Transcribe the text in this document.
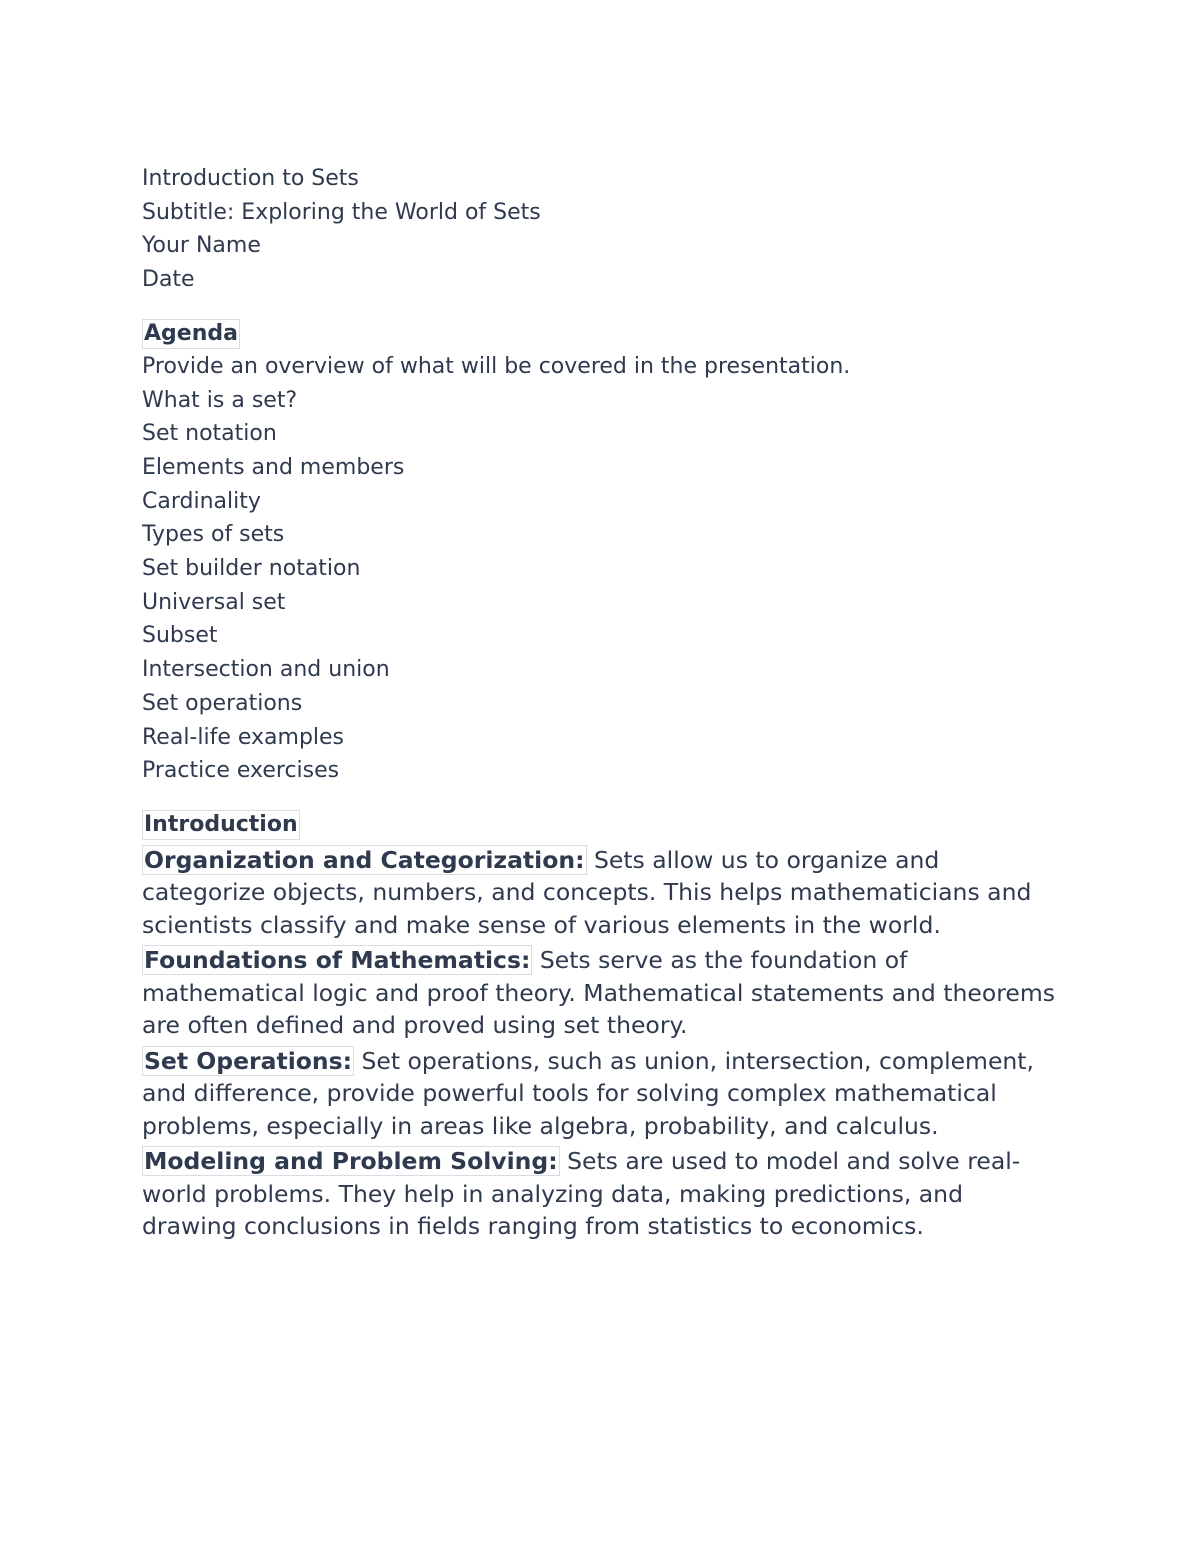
Introduction to Sets
Subtitle: Exploring the World of Sets
Your Name
Date
Agenda
Provide an overview of what will be covered in the presentation.
What is a set?
Set notation
Elements and members
Cardinality
Types of sets
Set builder notation
Universal set
Subset
Intersection and union
Set operations
Real-life examples
Practice exercises
Introduction
Organization and Categorization: Sets allow us to organize and categorize objects, numbers, and concepts. This helps mathematicians and scientists classify and make sense of various elements in the world.
Foundations of Mathematics: Sets serve as the foundation of mathematical logic and proof theory. Mathematical statements and theorems are often defined and proved using set theory.
Set Operations: Set operations, such as union, intersection, complement, and difference, provide powerful tools for solving complex mathematical problems, especially in areas like algebra, probability, and calculus.
Modeling and Problem Solving: Sets are used to model and solve real-world problems. They help in analyzing data, making predictions, and drawing conclusions in fields ranging from statistics to economics.
